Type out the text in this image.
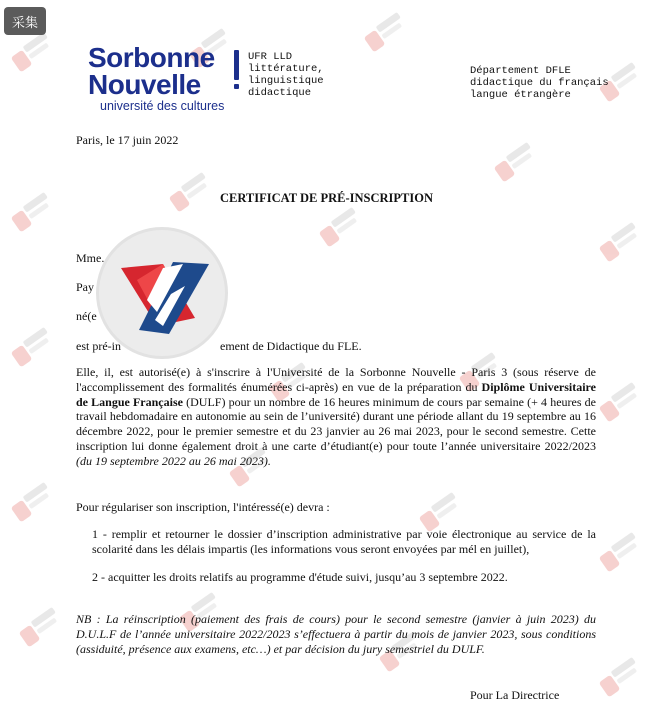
采集
Sorbonne
Nouvelle
université des cultures
UFR LLD
littérature,
linguistique
didactique
Département DFLE
didactique du français
langue étrangère
Paris, le 17 juin 2022
CERTIFICAT DE PRÉ-INSCRIPTION
Mme.
Pay
né(e
est pré-in	ement de Didactique du FLE.
Elle, il, est autorisé(e) à s'inscrire à l'Université de la Sorbonne Nouvelle - Paris 3 (sous réserve de l'accomplissement des formalités énumérées ci-après) en vue de la préparation du Diplôme Universitaire de Langue Française (DULF) pour un nombre de 16 heures minimum de cours par semaine (+ 4 heures de travail hebdomadaire en autonomie au sein de l’université) durant une période allant du 19 septembre au 16 décembre 2022, pour le premier semestre et du 23 janvier au 26 mai 2023, pour le second semestre. Cette inscription lui donne également droit à une carte d’étudiant(e) pour toute l’année universitaire 2022/2023 (du 19 septembre 2022 au 26 mai 2023).
Pour régulariser son inscription, l'intéressé(e) devra :
1 - remplir et retourner le dossier d’inscription administrative par voie électronique au service de la scolarité dans les délais impartis (les informations vous seront envoyées par mél en juillet),
2 - acquitter les droits relatifs au programme d'étude suivi, jusqu’au 3 septembre 2022.
NB : La réinscription (paiement des frais de cours) pour le second semestre (janvier à juin 2023) du D.U.L.F de l’année universitaire 2022/2023 s’effectuera à partir du mois de janvier 2023, sous conditions (assiduité, présence aux examens, etc…) et par décision du jury semestriel du DULF.
Pour La Directrice
